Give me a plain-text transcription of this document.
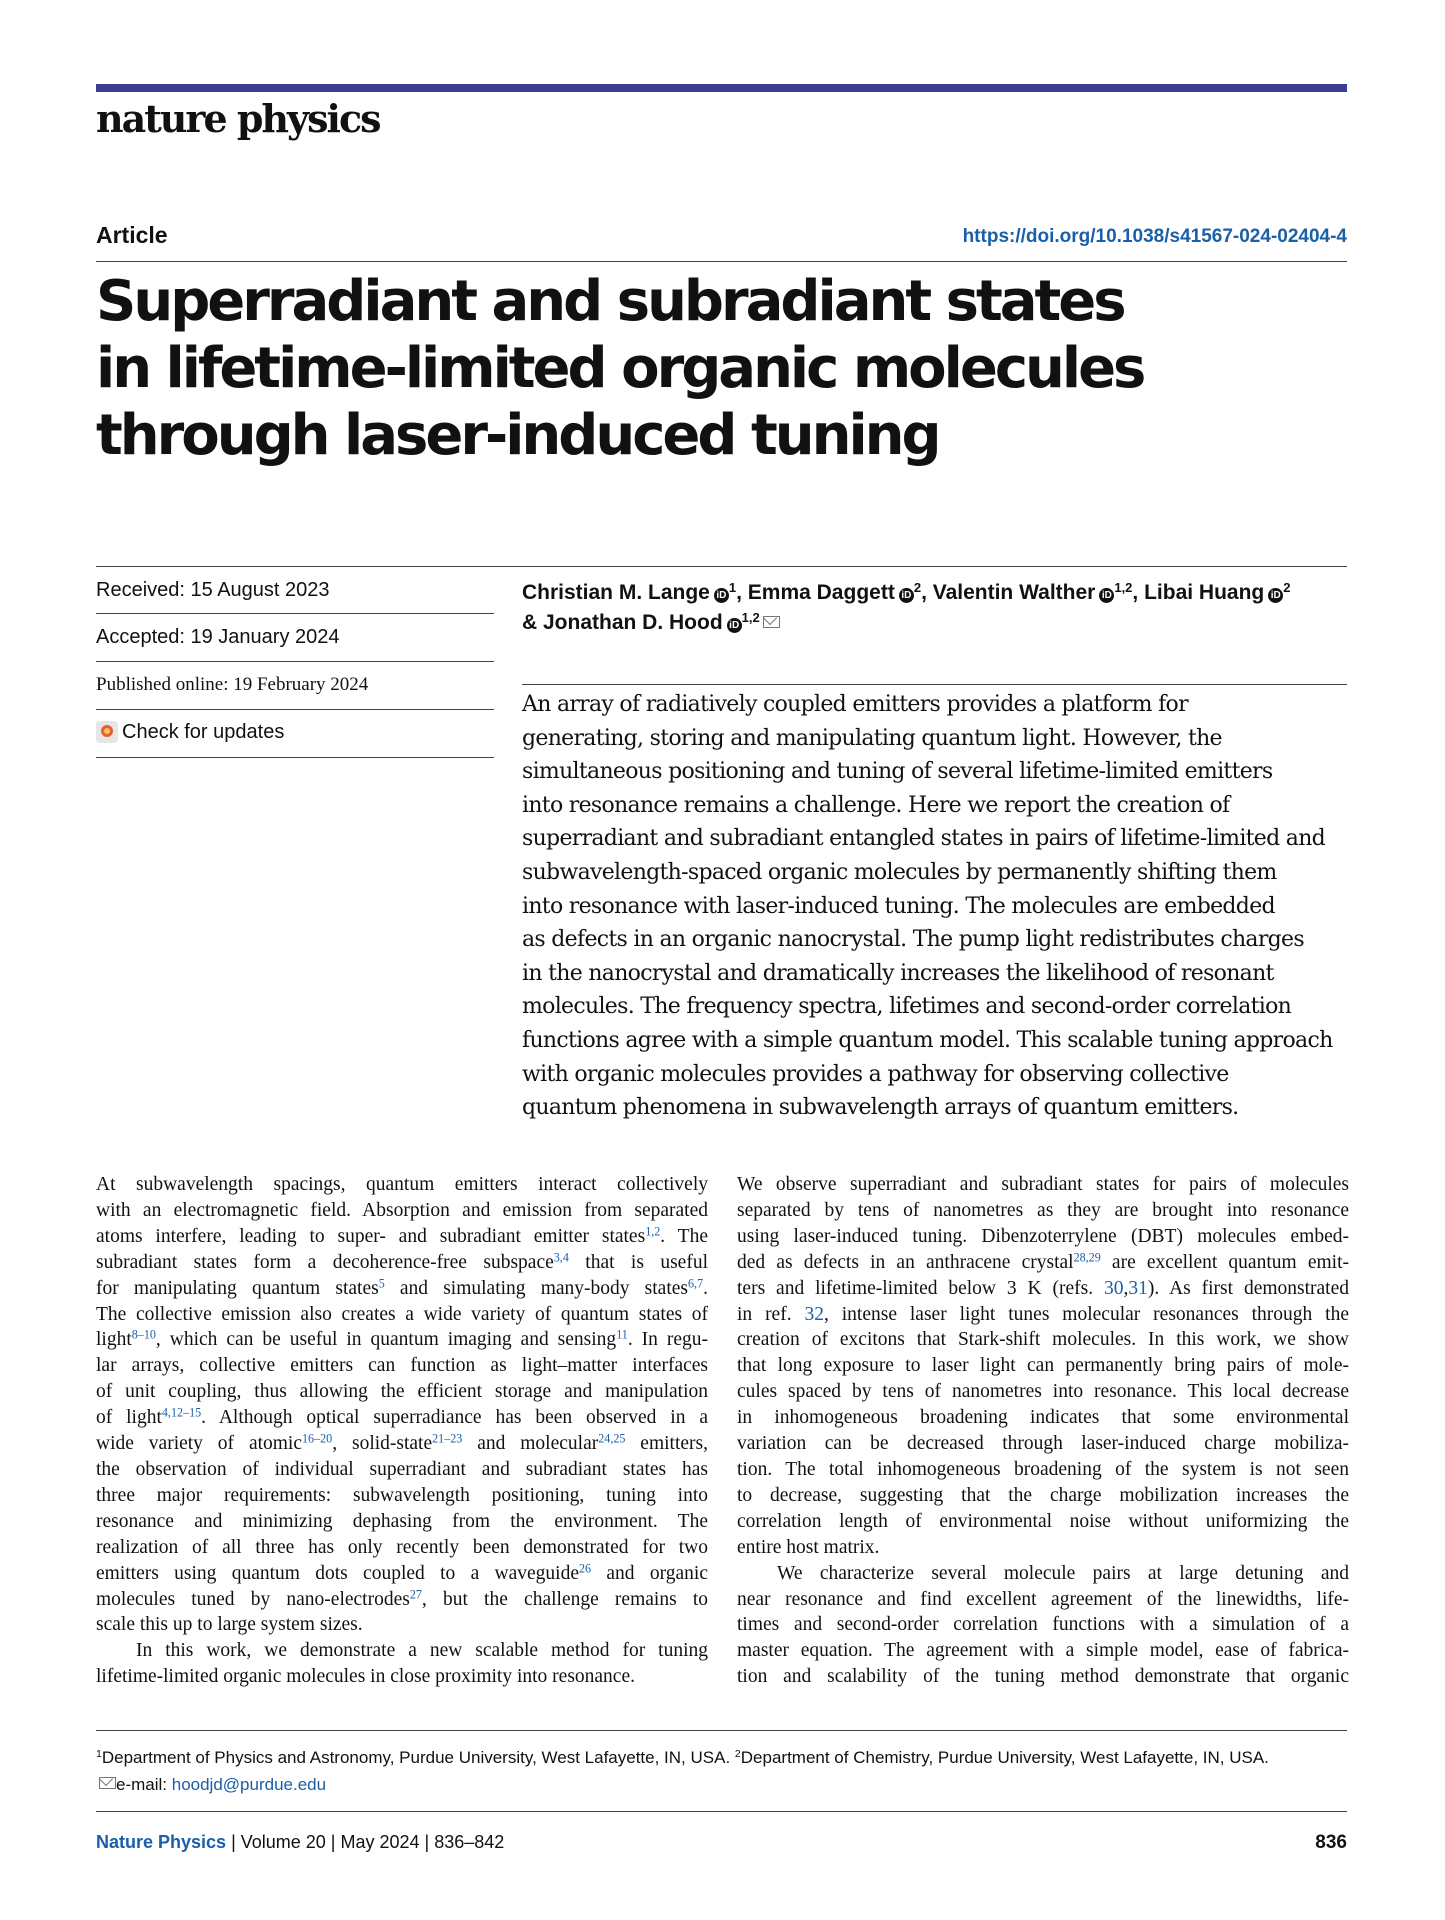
nature physics
Article	https://doi.org/10.1038/s41567-024-02404-4
Superradiant and subradiant states
in lifetime-limited organic molecules
through laser-induced tuning
Received: 15 August 2023
Accepted: 19 January 2024
Published online: 19 February 2024
Check for updates
Christian M. Lange $iD^1$, Emma Daggett $iD^2$, Valentin Walther iD$^{1,2}$, Libai Huang $iD^2$
& Jonathan D. Hood iD$^{1,2}$
An array of radiatively coupled emitters provides a platform for
generating, storing and manipulating quantum light. However, the
simultaneous positioning and tuning of several lifetime-limited emitters
into resonance remains a challenge. Here we report the creation of
superradiant and subradiant entangled states in pairs of lifetime-limited and
subwavelength-spaced organic molecules by permanently shifting them
into resonance with laser-induced tuning. The molecules are embedded
as defects in an organic nanocrystal. The pump light redistributes charges
in the nanocrystal and dramatically increases the likelihood of resonant
molecules. The frequency spectra, lifetimes and second-order correlation
functions agree with a simple quantum model. This scalable tuning approach
with organic molecules provides a pathway for observing collective
quantum phenomena in subwavelength arrays of quantum emitters.
At subwavelength spacings, quantum emitters interact collectively
with an electromagnetic field. Absorption and emission from separated
atoms interfere, leading to super- and subradiant emitter states$^{1,2}$. The
subradiant states form a decoherence-free subspace$^{3,4}$ that is useful
for manipulating quantum states$^5$ and simulating many-body states$^{6,7}$.
The collective emission also creates a wide variety of quantum states of
light$^{8-10}$, which can be useful in quantum imaging and sensing$^{11}$. In regu-
lar arrays, collective emitters can function as light–matter interfaces
of unit coupling, thus allowing the efficient storage and manipulation
of light$^{4,12-15}$. Although optical superradiance has been observed in a
wide variety of atomic$^{16-20}$, solid-state$^{21-23}$ and molecular$^{24,25}$ emitters,
the observation of individual superradiant and subradiant states has
three major requirements: subwavelength positioning, tuning into
resonance and minimizing dephasing from the environment. The
realization of all three has only recently been demonstrated for two
emitters using quantum dots coupled to a waveguide$^{26}$ and organic
molecules tuned by nano-electrodes$^{27}$, but the challenge remains to
scale this up to large system sizes.
In this work, we demonstrate a new scalable method for tuning
lifetime-limited organic molecules in close proximity into resonance.
We observe superradiant and subradiant states for pairs of molecules
separated by tens of nanometres as they are brought into resonance
using laser-induced tuning. Dibenzoterrylene (DBT) molecules embed-
ded as defects in an anthracene crystal$^{28,29}$ are excellent quantum emit-
ters and lifetime-limited below 3 K (refs. 30,31). As first demonstrated
in ref. 32, intense laser light tunes molecular resonances through the
creation of excitons that Stark-shift molecules. In this work, we show
that long exposure to laser light can permanently bring pairs of mole-
cules spaced by tens of nanometres into resonance. This local decrease
in inhomogeneous broadening indicates that some environmental
variation can be decreased through laser-induced charge mobiliza-
tion. The total inhomogeneous broadening of the system is not seen
to decrease, suggesting that the charge mobilization increases the
correlation length of environmental noise without uniformizing the
entire host matrix.
We characterize several molecule pairs at large detuning and
near resonance and find excellent agreement of the linewidths, life-
times and second-order correlation functions with a simulation of a
master equation. The agreement with a simple model, ease of fabrica-
tion and scalability of the tuning method demonstrate that organic
$^1$Department of Physics and Astronomy, Purdue University, West Lafayette, IN, USA. $^2$Department of Chemistry, Purdue University, West Lafayette, IN, USA.
e-mail: hoodjd@purdue.edu
Nature Physics | Volume 20 | May 2024 | 836–842	836
